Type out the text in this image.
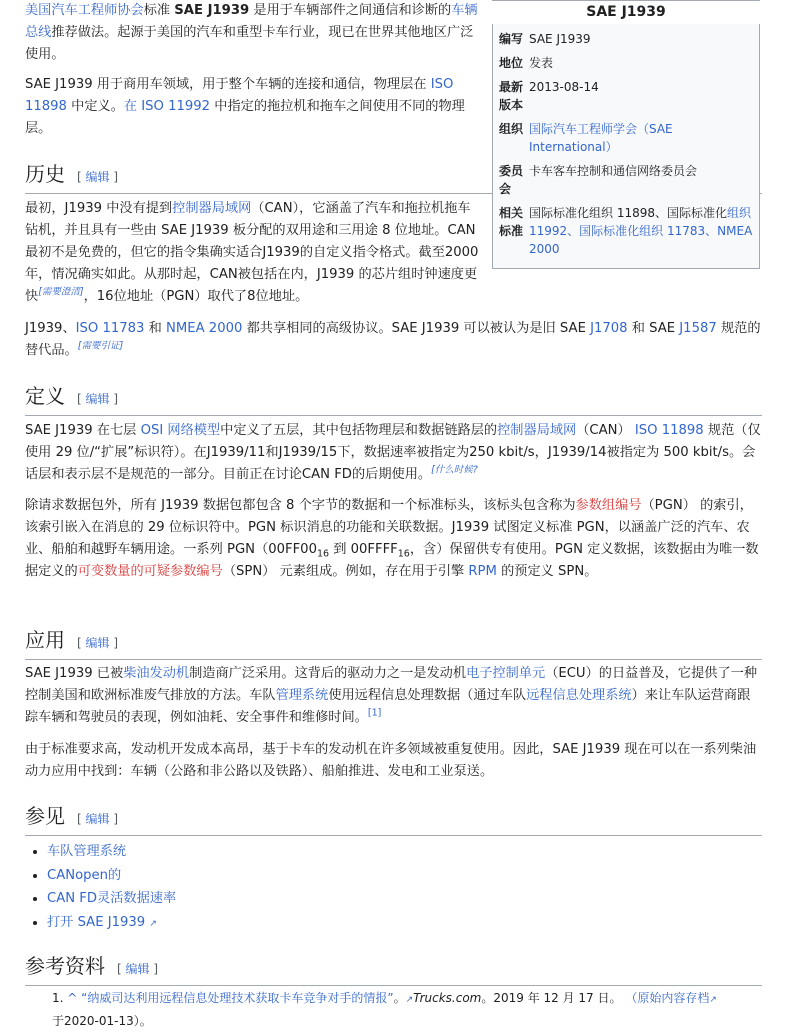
美国汽车工程师协会标准 SAE J1939 是用于车辆部件之间通信和诊断的车辆总线推荐做法。起源于美国的汽车和重型卡车行业，现已在世界其他地区广泛使用。

SAE J1939 用于商用车领域，用于整个车辆的连接和通信，物理层在 ISO 11898 中定义。在 ISO 11992 中指定的拖拉机和拖车之间使用不同的物理层。

历史 [ 编辑 ]

最初，J1939 中没有提到控制器局域网（CAN），它涵盖了汽车和拖拉机拖车钻机，并且具有一些由 SAE J1939 板分配的双用途和三用途 8 位地址。CAN最初不是免费的，但它的指令集确实适合J1939的自定义指令格式。截至2000年，情况确实如此。从那时起，CAN被包括在内，J1939 的芯片组时钟速度更快[需要澄清]，16位地址（PGN）取代了8位地址。

J1939、ISO 11783 和 NMEA 2000 都共享相同的高级协议。SAE J1939 可以被认为是旧 SAE J1708 和 SAE J1587 规范的替代品。[需要引证]

定义 [ 编辑 ]

SAE J1939 在七层 OSI 网络模型中定义了五层，其中包括物理层和数据链路层的控制器局域网（CAN） ISO 11898 规范（仅使用 29 位/“扩展”标识符）。在J1939/11和J1939/15下，数据速率被指定为250 kbit/s，J1939/14被指定为 500 kbit/s。会话层和表示层不是规范的一部分。目前正在讨论CAN FD的后期使用。$^{[什么时候?}$

除请求数据包外，所有 J1939 数据包都包含 8 个字节的数据和一个标准标头，该标头包含称为参数组编号（PGN） 的索引，该索引嵌入在消息的 29 位标识符中。PGN 标识消息的功能和关联数据。J1939 试图定义标准 PGN，以涵盖广泛的汽车、农业、船舶和越野车辆用途。一系列 $PGN(00FF00_{16}$ 到 $00FFFF_{16}$，含）保留供专有使用。PGN 定义数据，该数据由为唯一数据定义的可变数量的可疑参数编号（SPN） 元素组成。例如，存在用于引擎 RPM 的预定义 SPN。

应用 [ 编辑 ]

SAE J1939 已被柴油发动机制造商广泛采用。这背后的驱动力之一是发动机电子控制单元（ECU）的日益普及，它提供了一种控制美国和欧洲标准废气排放的方法。车队管理系统使用远程信息处理数据（通过车队远程信息处理系统）来让车队运营商跟踪车辆和驾驶员的表现，例如油耗、安全事件和维修时间。[1]

由于标准要求高，发动机开发成本高昂，基于卡车的发动机在许多领域被重复使用。因此，SAE J1939 现在可以在一系列柴油动力应用中找到：车辆（公路和非公路以及铁路）、船舶推进、发电和工业泵送。

参见 [ 编辑 ]
• 车队管理系统
• CANopen的
• CAN FD灵活数据速率
• 打开 SAE J1939 ↗
参考资料 [ 编辑 ]
1. ^ “纳威司达利用远程信息处理技术获取卡车竞争对手的情报”。↗Trucks.com。2019 年 12 月 17 日。 （原始内容存档↗
于2020-01-13）。
SAE J1939
编写 SAE J1939
地位 发表
最新版本
2013-08-14
组织 国际汽车工程师学会（SAE International）
委员会
卡车客车控制和通信网络委员会
相关标准
国际标准化组织 11898、国际标准化组织 11992、国际标准化组织 11783、NMEA 2000
